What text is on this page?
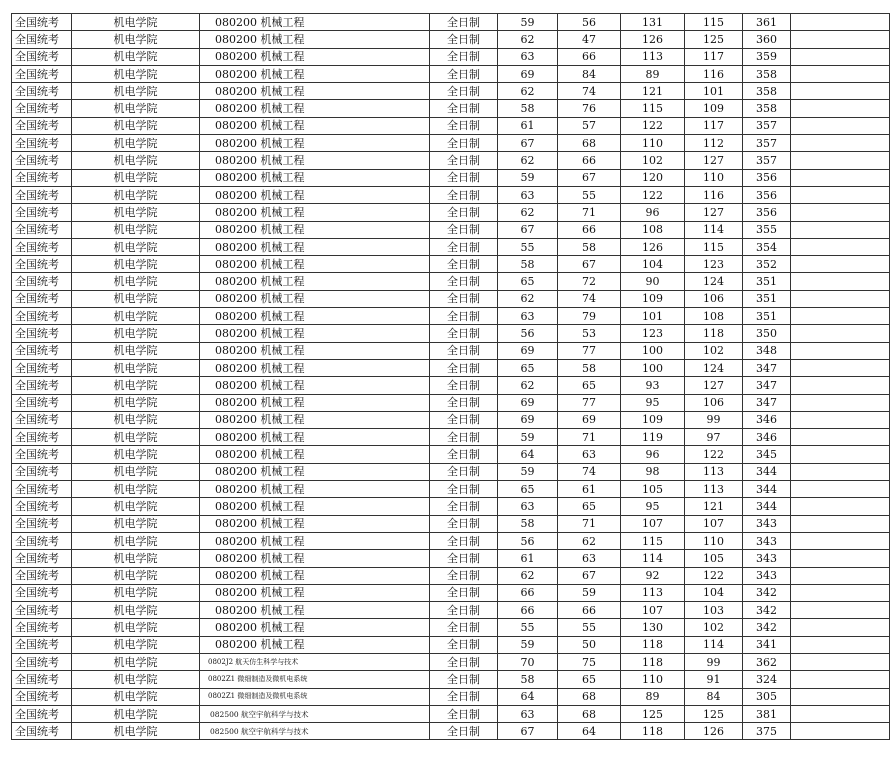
全国统考	机电学院	080200 机械工程		全日制	59	56	131	115	361	
全国统考	机电学院	080200 机械工程		全日制	62	47	126	125	360	
全国统考	机电学院	080200 机械工程		全日制	63	66	113	117	359	
全国统考	机电学院	080200 机械工程		全日制	69	84	89	116	358	
全国统考	机电学院	080200 机械工程		全日制	62	74	121	101	358	
全国统考	机电学院	080200 机械工程		全日制	58	76	115	109	358	
全国统考	机电学院	080200 机械工程		全日制	61	57	122	117	357	
全国统考	机电学院	080200 机械工程		全日制	67	68	110	112	357	
全国统考	机电学院	080200 机械工程		全日制	62	66	102	127	357	
全国统考	机电学院	080200 机械工程		全日制	59	67	120	110	356	
全国统考	机电学院	080200 机械工程		全日制	63	55	122	116	356	
全国统考	机电学院	080200 机械工程		全日制	62	71	96	127	356	
全国统考	机电学院	080200 机械工程		全日制	67	66	108	114	355	
全国统考	机电学院	080200 机械工程		全日制	55	58	126	115	354	
全国统考	机电学院	080200 机械工程		全日制	58	67	104	123	352	
全国统考	机电学院	080200 机械工程		全日制	65	72	90	124	351	
全国统考	机电学院	080200 机械工程		全日制	62	74	109	106	351	
全国统考	机电学院	080200 机械工程		全日制	63	79	101	108	351	
全国统考	机电学院	080200 机械工程		全日制	56	53	123	118	350	
全国统考	机电学院	080200 机械工程		全日制	69	77	100	102	348	
全国统考	机电学院	080200 机械工程		全日制	65	58	100	124	347	
全国统考	机电学院	080200 机械工程		全日制	62	65	93	127	347	
全国统考	机电学院	080200 机械工程		全日制	69	77	95	106	347	
全国统考	机电学院	080200 机械工程		全日制	69	69	109	99	346	
全国统考	机电学院	080200 机械工程		全日制	59	71	119	97	346	
全国统考	机电学院	080200 机械工程		全日制	64	63	96	122	345	
全国统考	机电学院	080200 机械工程		全日制	59	74	98	113	344	
全国统考	机电学院	080200 机械工程		全日制	65	61	105	113	344	
全国统考	机电学院	080200 机械工程		全日制	63	65	95	121	344	
全国统考	机电学院	080200 机械工程		全日制	58	71	107	107	343	
全国统考	机电学院	080200 机械工程		全日制	56	62	115	110	343	
全国统考	机电学院	080200 机械工程		全日制	61	63	114	105	343	
全国统考	机电学院	080200 机械工程		全日制	62	67	92	122	343	
全国统考	机电学院	080200 机械工程		全日制	66	59	113	104	342	
全国统考	机电学院	080200 机械工程		全日制	66	66	107	103	342	
全国统考	机电学院	080200 机械工程		全日制	55	55	130	102	342	
全国统考	机电学院	080200 机械工程		全日制	59	50	118	114	341	
全国统考	机电学院	0802J2 航天仿生科学与技术		全日制	70	75	118	99	362	
全国统考	机电学院	0802Z1 微细制造及微机电系统		全日制	58	65	110	91	324	
全国统考	机电学院	0802Z1 微细制造及微机电系统		全日制	64	68	89	84	305	
全国统考	机电学院	082500 航空宇航科学与技术		全日制	63	68	125	125	381	
全国统考	机电学院	082500 航空宇航科学与技术		全日制	67	64	118	126	375	
